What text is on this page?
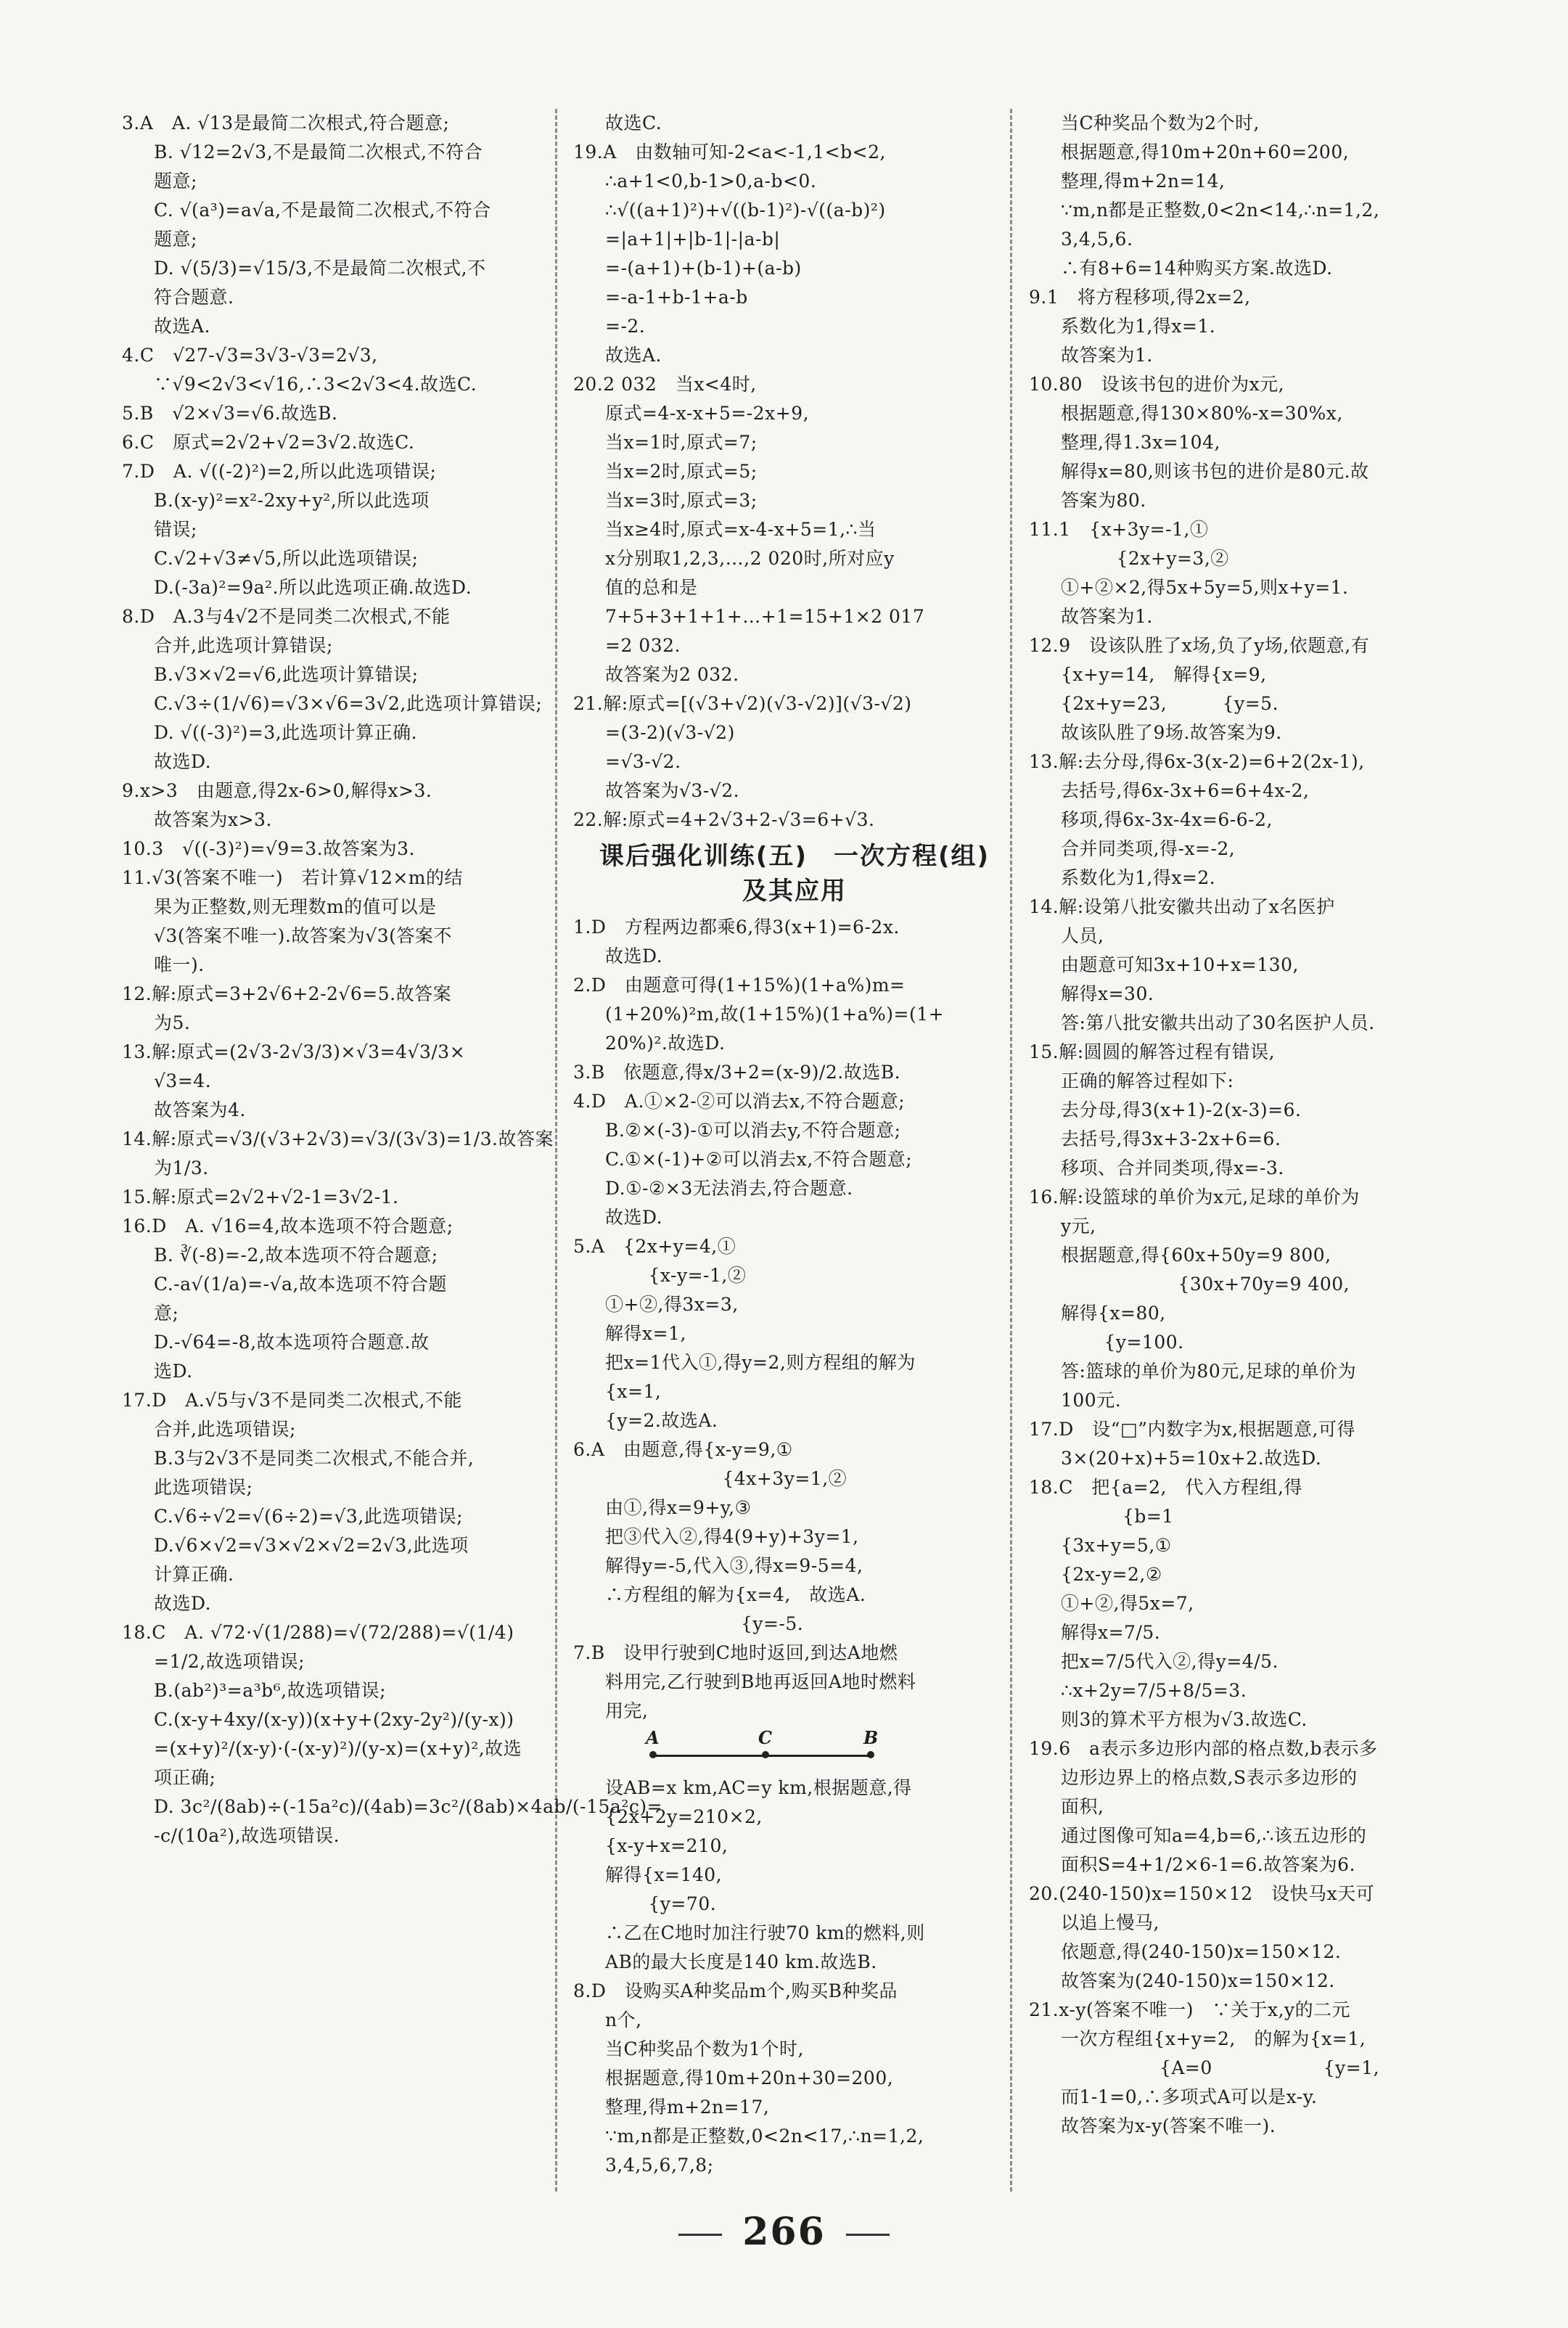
3.A　A. √13是最简二次根式,符合题意;
B. √12=2√3,不是最简二次根式,不符合
题意;
C. √(a³)=a√a,不是最简二次根式,不符合
题意;
D. √(5/3)=√15/3,不是最简二次根式,不
符合题意.
故选A.
4.C　√27-√3=3√3-√3=2√3,
∵√9<2√3<√16,∴3<2√3<4.故选C.
5.B　√2×√3=√6.故选B.
6.C　原式=2√2+√2=3√2.故选C.
7.D　A. √((-2)²)=2,所以此选项错误;
B.(x-y)²=x²-2xy+y²,所以此选项
错误;
C.√2+√3≠√5,所以此选项错误;
D.(-3a)²=9a².所以此选项正确.故选D.
8.D　A.3与4√2不是同类二次根式,不能
合并,此选项计算错误;
B.√3×√2=√6,此选项计算错误;
C.√3÷(1/√6)=√3×√6=3√2,此选项计算错误;
D. √((-3)²)=3,此选项计算正确.
故选D.
9.x>3　由题意,得2x-6>0,解得x>3.
故答案为x>3.
10.3　√((-3)²)=√9=3.故答案为3.
11.√3(答案不唯一)　若计算√12×m的结
果为正整数,则无理数m的值可以是
√3(答案不唯一).故答案为√3(答案不
唯一).
12.解:原式=3+2√6+2-2√6=5.故答案
为5.
13.解:原式=(2√3-2√3/3)×√3=4√3/3×
√3=4.
故答案为4.
14.解:原式=√3/(√3+2√3)=√3/(3√3)=1/3.故答案
为1/3.
15.解:原式=2√2+√2-1=3√2-1.
16.D　A. √16=4,故本选项不符合题意;
B. ∛(-8)=-2,故本选项不符合题意;
C.-a√(1/a)=-√a,故本选项不符合题
意;
D.-√64=-8,故本选项符合题意.故
选D.
17.D　A.√5与√3不是同类二次根式,不能
合并,此选项错误;
B.3与2√3不是同类二次根式,不能合并,
此选项错误;
C.√6÷√2=√(6÷2)=√3,此选项错误;
D.√6×√2=√3×√2×√2=2√3,此选项
计算正确.
故选D.
18.C　A. √72·√(1/288)=√(72/288)=√(1/4)
=1/2,故选项错误;
B.(ab²)³=a³b⁶,故选项错误;
C.(x-y+4xy/(x-y))(x+y+(2xy-2y²)/(y-x))
=(x+y)²/(x-y)·(-(x-y)²)/(y-x)=(x+y)²,故选
项正确;
D. 3c²/(8ab)÷(-15a²c)/(4ab)=3c²/(8ab)×4ab/(-15a²c)=
-c/(10a²),故选项错误.
故选C.
19.A　由数轴可知-2<a<-1,1<b<2,
∴a+1<0,b-1>0,a-b<0.
∴√((a+1)²)+√((b-1)²)-√((a-b)²)
=|a+1|+|b-1|-|a-b|
=-(a+1)+(b-1)+(a-b)
=-a-1+b-1+a-b
=-2.
故选A.
20.2 032　当x<4时,
原式=4-x-x+5=-2x+9,
当x=1时,原式=7;
当x=2时,原式=5;
当x=3时,原式=3;
当x≥4时,原式=x-4-x+5=1,∴当
x分别取1,2,3,…,2 020时,所对应y
值的总和是
7+5+3+1+1+…+1=15+1×2 017
=2 032.
故答案为2 032.
21.解:原式=[(√3+√2)(√3-√2)](√3-√2)
=(3-2)(√3-√2)
=√3-√2.
故答案为√3-√2.
22.解:原式=4+2√3+2-√3=6+√3.
课后强化训练(五)　一次方程(组)
及其应用
1.D　方程两边都乘6,得3(x+1)=6-2x.
故选D.
2.D　由题意可得(1+15%)(1+a%)m=
(1+20%)²m,故(1+15%)(1+a%)=(1+
20%)².故选D.
3.B　依题意,得x/3+2=(x-9)/2.故选B.
4.D　A.①×2-②可以消去x,不符合题意;
B.②×(-3)-①可以消去y,不符合题意;
C.①×(-1)+②可以消去x,不符合题意;
D.①-②×3无法消去,符合题意.
故选D.
5.A　{2x+y=4,①
　　 {x-y=-1,②
①+②,得3x=3,
解得x=1,
把x=1代入①,得y=2,则方程组的解为
{x=1,
{y=2.故选A.
6.A　由题意,得{x-y=9,①
　　　　　　 {4x+3y=1,②
由①,得x=9+y,③
把③代入②,得4(9+y)+3y=1,
解得y=-5,代入③,得x=9-5=4,
∴方程组的解为{x=4,　故选A.
　　　　　　　 {y=-5.
7.B　设甲行驶到C地时返回,到达A地燃
料用完,乙行驶到B地再返回A地时燃料
用完,
A	C	B
设AB=x km,AC=y km,根据题意,得
{2x+2y=210×2,
{x-y+x=210,
解得{x=140,
　　 {y=70.
∴乙在C地时加注行驶70 km的燃料,则
AB的最大长度是140 km.故选B.
8.D　设购买A种奖品m个,购买B种奖品
n个,
当C种奖品个数为1个时,
根据题意,得10m+20n+30=200,
整理,得m+2n=17,
∵m,n都是正整数,0<2n<17,∴n=1,2,
3,4,5,6,7,8;
当C种奖品个数为2个时,
根据题意,得10m+20n+60=200,
整理,得m+2n=14,
∵m,n都是正整数,0<2n<14,∴n=1,2,
3,4,5,6.
∴有8+6=14种购买方案.故选D.
9.1　将方程移项,得2x=2,
系数化为1,得x=1.
故答案为1.
10.80　设该书包的进价为x元,
根据题意,得130×80%-x=30%x,
整理,得1.3x=104,
解得x=80,则该书包的进价是80元.故
答案为80.
11.1　{x+3y=-1,①
　　　{2x+y=3,②
①+②×2,得5x+5y=5,则x+y=1.
故答案为1.
12.9　设该队胜了x场,负了y场,依题意,有
{x+y=14,　解得{x=9,
{2x+y=23,　　　{y=5.
故该队胜了9场.故答案为9.
13.解:去分母,得6x-3(x-2)=6+2(2x-1),
去括号,得6x-3x+6=6+4x-2,
移项,得6x-3x-4x=6-6-2,
合并同类项,得-x=-2,
系数化为1,得x=2.
14.解:设第八批安徽共出动了x名医护
人员,
由题意可知3x+10+x=130,
解得x=30.
答:第八批安徽共出动了30名医护人员.
15.解:圆圆的解答过程有错误,
正确的解答过程如下:
去分母,得3(x+1)-2(x-3)=6.
去括号,得3x+3-2x+6=6.
移项、合并同类项,得x=-3.
16.解:设篮球的单价为x元,足球的单价为
y元,
根据题意,得{60x+50y=9 800,
　　　　　　 {30x+70y=9 400,
解得{x=80,
　　 {y=100.
答:篮球的单价为80元,足球的单价为
100元.
17.D　设“□”内数字为x,根据题意,可得
3×(20+x)+5=10x+2.故选D.
18.C　把{a=2,　代入方程组,得
　　　 {b=1
{3x+y=5,①
{2x-y=2,②
①+②,得5x=7,
解得x=7/5.
把x=7/5代入②,得y=4/5.
∴x+2y=7/5+8/5=3.
则3的算术平方根为√3.故选C.
19.6　a表示多边形内部的格点数,b表示多
边形边界上的格点数,S表示多边形的
面积,
通过图像可知a=4,b=6,∴该五边形的
面积S=4+1/2×6-1=6.故答案为6.
20.(240-150)x=150×12　设快马x天可
以追上慢马,
依题意,得(240-150)x=150×12.
故答案为(240-150)x=150×12.
21.x-y(答案不唯一)　∵关于x,y的二元
一次方程组{x+y=2,　的解为{x=1,
　　　　　 {A=0　　　　　　{y=1,
而1-1=0,∴多项式A可以是x-y.
故答案为x-y(答案不唯一).
266
